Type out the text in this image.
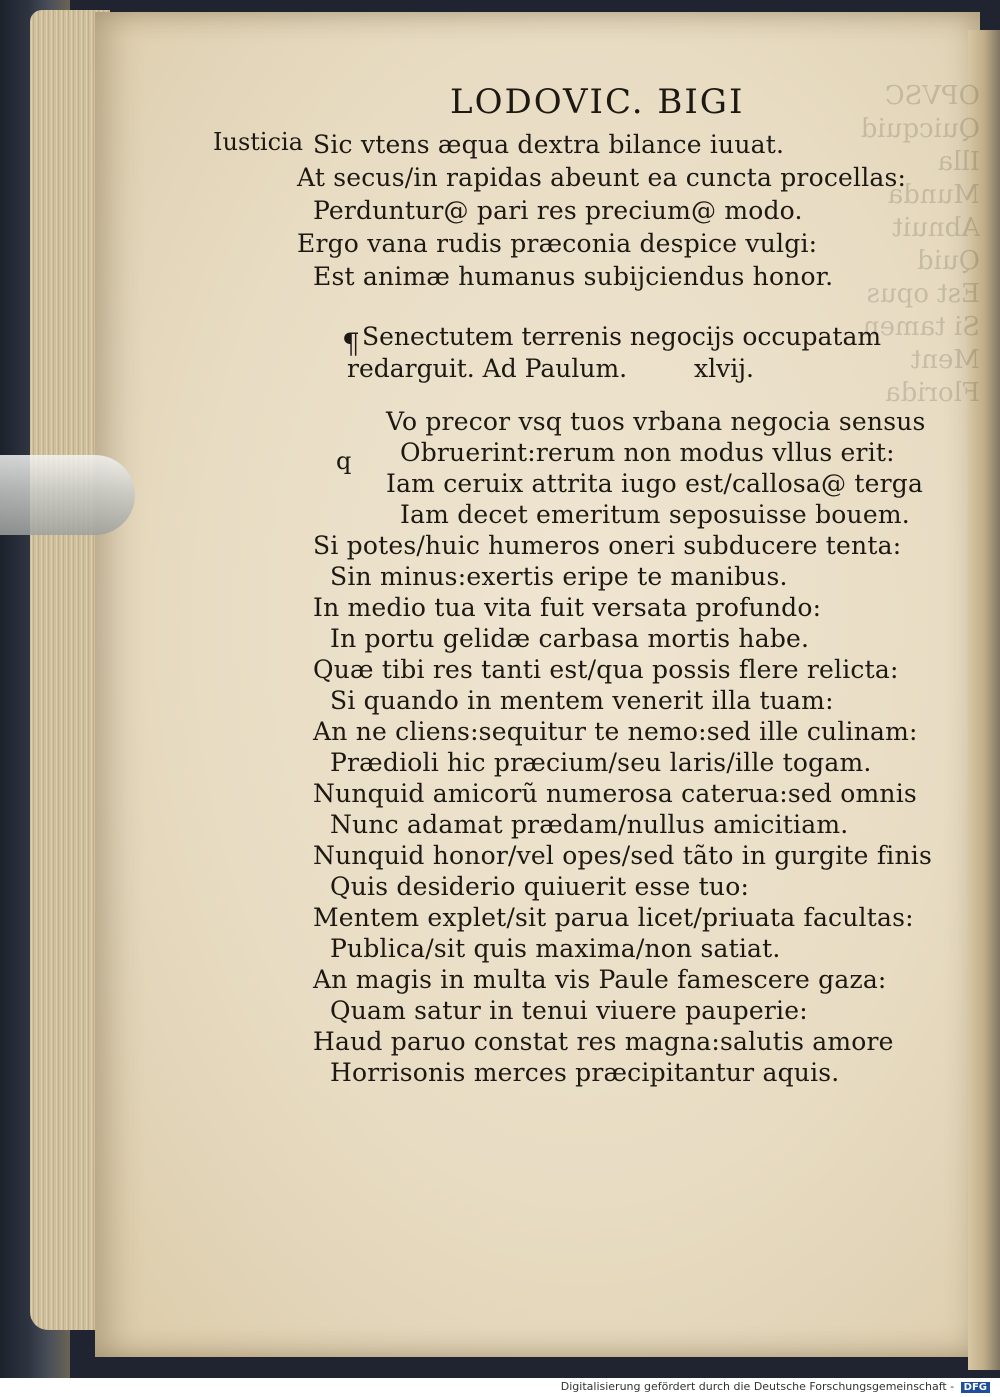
OPVSC
Quicquid
Illa
Munda
Abnuit
Quid
Est opus
Si tamen
Ment
Florida
LODOVIC. BIGI
Iusticia Sic vtens æqua dextra bilance iuuat.
At secus/in rapidas abeunt ea cuncta procellas:
Perduntur@ pari res precium@ modo.
Ergo vana rudis præconia despice vulgi:
Est animæ humanus subijciendus honor.
¶ Senectutem terrenis negocijs occupatam
redarguit. Ad Paulum.	xlvij.
q
Vo precor vsq tuos vrbana negocia sensus
Obruerint:rerum non modus vllus erit:
Iam ceruix attrita iugo est/callosa@ terga
Iam decet emeritum seposuisse bouem.
Si potes/huic humeros oneri subducere tenta:
Sin minus:exertis eripe te manibus.
In medio tua vita fuit versata profundo:
In portu gelidæ carbasa mortis habe.
Quæ tibi res tanti est/qua possis flere relicta:
Si quando in mentem venerit illa tuam:
An ne cliens:sequitur te nemo:sed ille culinam:
Prædioli hic præcium/seu laris/ille togam.
Nunquid amicorũ numerosa caterua:sed omnis
Nunc adamat prædam/nullus amicitiam.
Nunquid honor/vel opes/sed tãto in gurgite finis
Quis desiderio quiuerit esse tuo:
Mentem explet/sit parua licet/priuata facultas:
Publica/sit quis maxima/non satiat.
An magis in multa vis Paule famescere gaza:
Quam satur in tenui viuere pauperie:
Haud paruo constat res magna:salutis amore
Horrisonis merces præcipitantur aquis.
Digitalisierung gefördert durch die Deutsche Forschungsgemeinschaft - DFG
